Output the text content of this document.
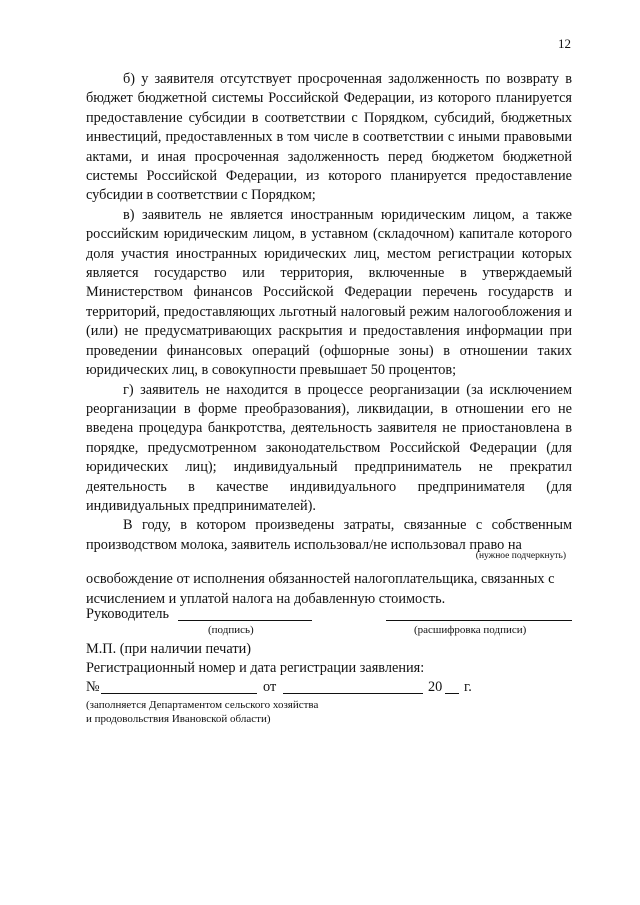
12

б) у заявителя отсутствует просроченная задолженность по возврату в бюджет бюджетной системы Российской Федерации, из которого планируется предоставление субсидии в соответствии с Порядком, субсидий, бюджетных инвестиций, предоставленных в том числе в соответствии с иными правовыми актами, и иная просроченная задолженность перед бюджетом бюджетной системы Российской Федерации, из которого планируется предоставление субсидии в соответствии с Порядком;

в) заявитель не является иностранным юридическим лицом, а также российским юридическим лицом, в уставном (складочном) капитале которого доля участия иностранных юридических лиц, местом регистрации которых является государство или территория, включенные в утверждаемый Министерством финансов Российской Федерации перечень государств и территорий, предоставляющих льготный налоговый режим налогообложения и (или) не предусматривающих раскрытия и предоставления информации при проведении финансовых операций (офшорные зоны) в отношении таких юридических лиц, в совокупности превышает 50 процентов;

г) заявитель не находится в процессе реорганизации (за исключением реорганизации в форме преобразования), ликвидации, в отношении его не введена процедура банкротства, деятельность заявителя не приостановлена в порядке, предусмотренном законодательством Российской Федерации (для юридических лиц); индивидуальный предприниматель не прекратил деятельность в качестве индивидуального предпринимателя (для индивидуальных предпринимателей).

В году, в котором произведены затраты, связанные с собственным производством молока, заявитель использовал/не использовал право на

(нужное подчеркнуть)

освобождение от исполнения обязанностей налогоплательщика, связанных с исчислением и уплатой налога на добавленную стоимость.

Руководитель
(подпись)	(расшифровка подписи)
М.П. (при наличии печати)
Регистрационный номер и дата регистрации заявления:
№	от	20 г.
(заполняется Департаментом сельского хозяйства
и продовольствия Ивановской области)
